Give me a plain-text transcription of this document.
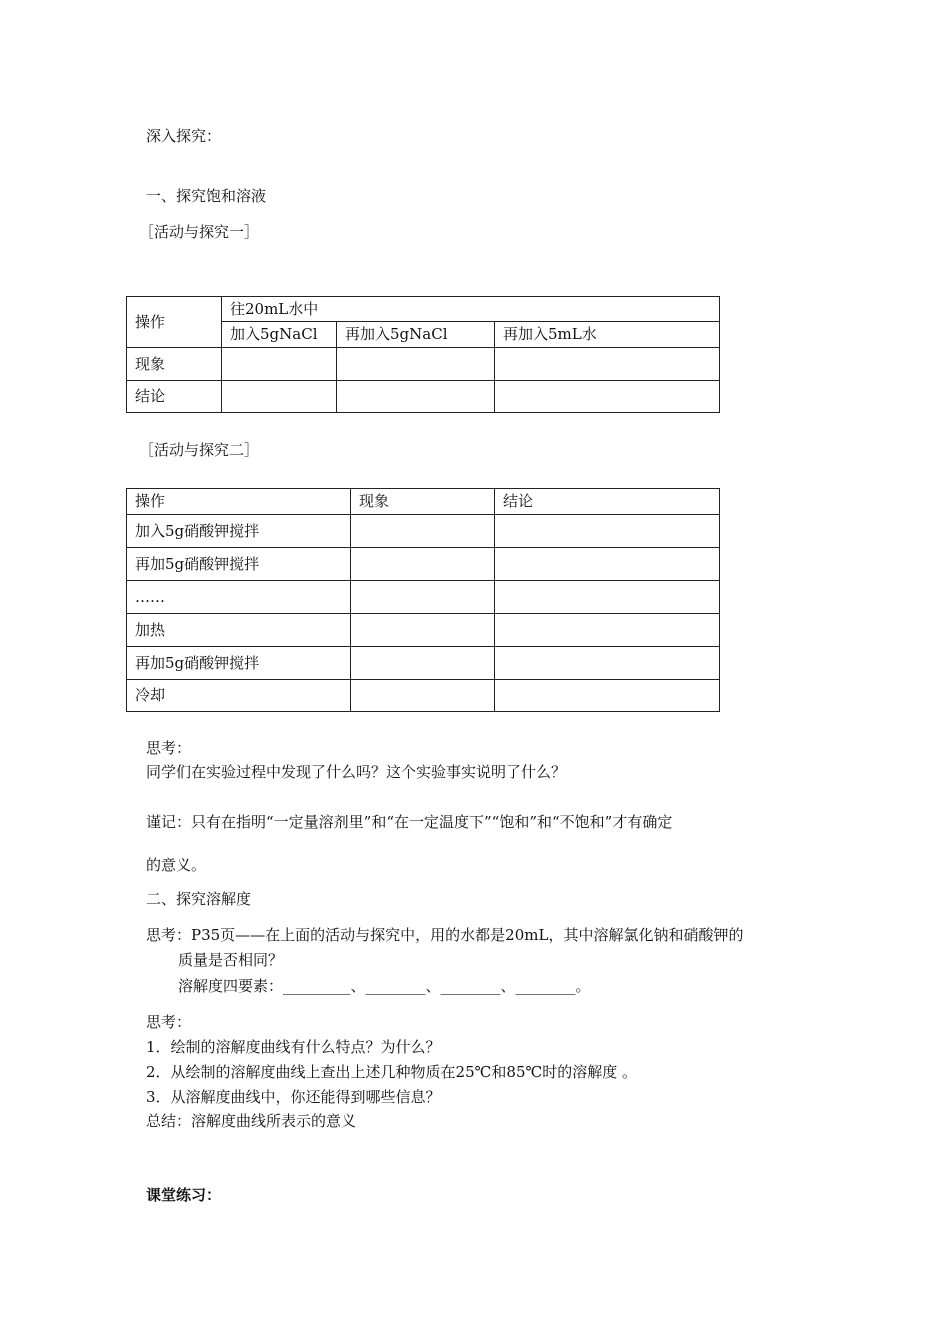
深入探究：
一、探究饱和溶液
［活动与探究一］
操作	往20mL水中		
	加入5gNaCl	再加入5gNaCl	再加入5mL水
现象			
结论			
［活动与探究二］
操作	现象	结论
加入5g硝酸钾搅拌		
再加5g硝酸钾搅拌		
……		
加热		
再加5g硝酸钾搅拌		
冷却		
思考：
同学们在实验过程中发现了什么吗？这个实验事实说明了什么？
谨记：只有在指明“一定量溶剂里”和“在一定温度下”“饱和”和“不饱和”才有确定
的意义。
二、探究溶解度
思考：P35页——在上面的活动与探究中，用的水都是20mL，其中溶解氯化钠和硝酸钾的
质量是否相同？
溶解度四要素：_________、________、________、________。
思考：
1．绘制的溶解度曲线有什么特点？为什么？
2．从绘制的溶解度曲线上查出上述几种物质在25℃和85℃时的溶解度 。
3．从溶解度曲线中，你还能得到哪些信息？
总结：溶解度曲线所表示的意义
课堂练习：
